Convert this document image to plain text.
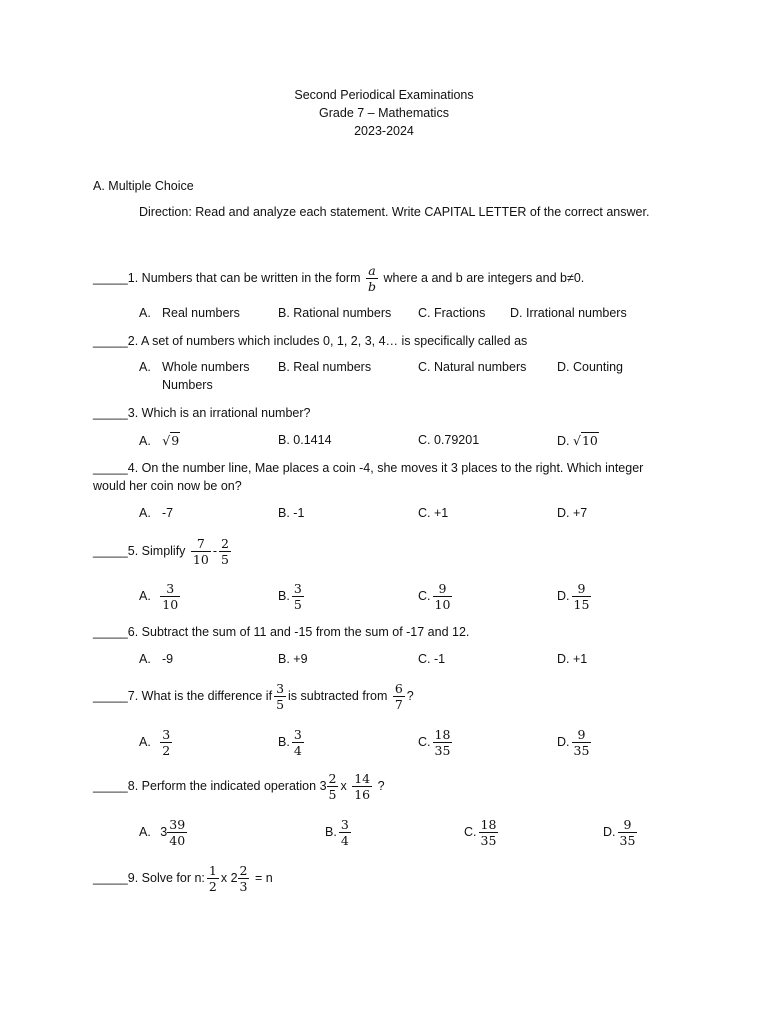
Second Periodical Examinations
Grade 7 – Mathematics
2023-2024
A. Multiple Choice
Direction: Read and analyze each statement. Write CAPITAL LETTER of the correct answer.
_____1. Numbers that can be written in the form $\frac{a}{b}$ where a and b are integers and b≠0.
A. Real numbers	B. Rational numbers C. Fractions D. Irrational numbers
_____2. A set of numbers which includes 0, 1, 2, 3, 4… is specifically called as
A. Whole numbers B. Real numbers	C. Natural numbers D. Counting
Numbers
_____3. Which is an irrational number?
A. √9	B. 0.1414	C. 0.79201	D. √10
_____4. On the number line, Mae places a coin -4, she moves it 3 places to the right. Which integer
would her coin now be on?
A. -7	B. -1	C. +1	D. +7
_____5. Simplify $\frac{7}{10} - \frac{2}{5}$
A. $\frac{3}{10}$	B. $\frac{3}{5}$	C. $\frac{9}{10}$	D. $\frac{9}{15}$
_____6. Subtract the sum of 11 and -15 from the sum of -17 and 12.
A. -9	B. +9	C. -1	D. +1
_____7. What is the difference if $\frac{3}{5}$ is subtracted from $\frac{6}{7}$ ?
A. $\frac{3}{2}$	B. $\frac{3}{4}$	C. $\frac{18}{35}$	D. $\frac{9}{35}$
_____8. Perform the indicated operation $3 \frac{2}{5}$ x $\frac{14}{16}$ ?
A. $3 \frac{39}{40}$	B. $\frac{3}{4}$	C. $\frac{18}{35}$	D. $\frac{9}{35}$
_____9. Solve for n: $\frac{1}{2}$ x $2 \frac{2}{3} = n$
